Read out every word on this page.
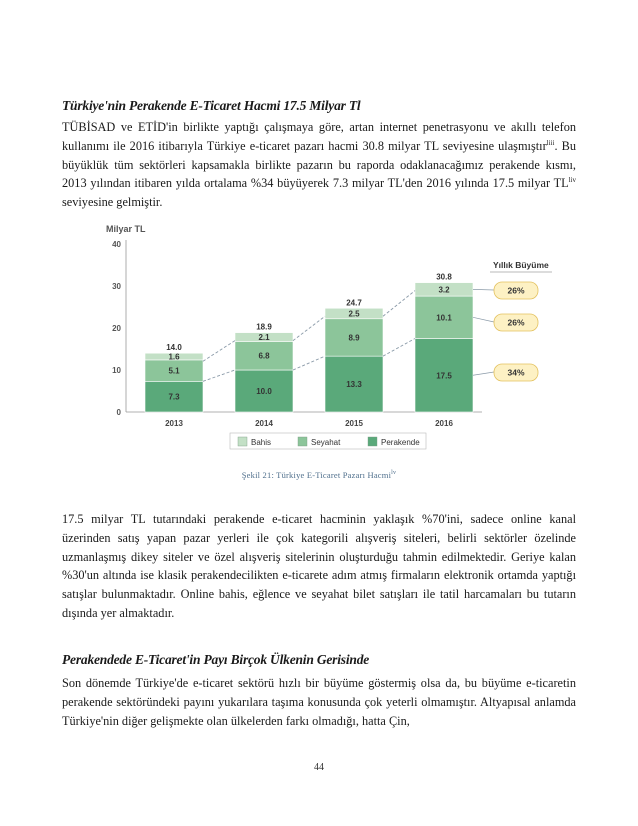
Türkiye'nin Perakende E-Ticaret Hacmi 17.5 Milyar Tl

TÜBİSAD ve ETİD'in birlikte yaptığı çalışmaya göre, artan internet penetrasyonu ve akıllı telefon kullanımı ile 2016 itibarıyla Türkiye e-ticaret pazarı hacmi 30.8 milyar TL seviyesine ulaşmıştır$^{liii}$. Bu büyüklük tüm sektörleri kapsamakla birlikte pazarın bu raporda odaklanacağımız perakende kısmı, 2013 yılından itibaren yılda ortalama %34 büyüyerek 7.3 milyar TL'den 2016 yılında 17.5 milyar $TL^{liv}$ seviyesine gelmiştir.

Milyar TL
0
10
20
30
40
7.3
5.1
1.6
14.0
2013
10.0
6.8
2.1
18.9
2014
13.3
8.9
2.5
24.7
2015
17.5
10.1
3.2
30.8
2016
Yıllık Büyüme
26%
26%
34%
Bahis	Seyahat	Perakende
Şekil 21: Türkiye E-Ticaret Pazarı Hacmi$^{lv}$

17.5 milyar TL tutarındaki perakende e-ticaret hacminin yaklaşık %70'ini, sadece online kanal üzerinden satış yapan pazar yerleri ile çok kategorili alışveriş siteleri, belirli sektörler özelinde uzmanlaşmış dikey siteler ve özel alışveriş sitelerinin oluşturduğu tahmin edilmektedir. Geriye kalan %30'un altında ise klasik perakendecilikten e-ticarete adım atmış firmaların elektronik ortamda yaptığı satışlar bulunmaktadır. Online bahis, eğlence ve seyahat bilet satışları ile tatil harcamaları bu tutarın dışında yer almaktadır.

Perakendede E-Ticaret'in Payı Birçok Ülkenin Gerisinde

Son dönemde Türkiye'de e-ticaret sektörü hızlı bir büyüme göstermiş olsa da, bu büyüme e-ticaretin perakende sektöründeki payını yukarılara taşıma konusunda çok yeterli olmamıştır. Altyapısal anlamda Türkiye'nin diğer gelişmekte olan ülkelerden farkı olmadığı, hatta Çin,

44
